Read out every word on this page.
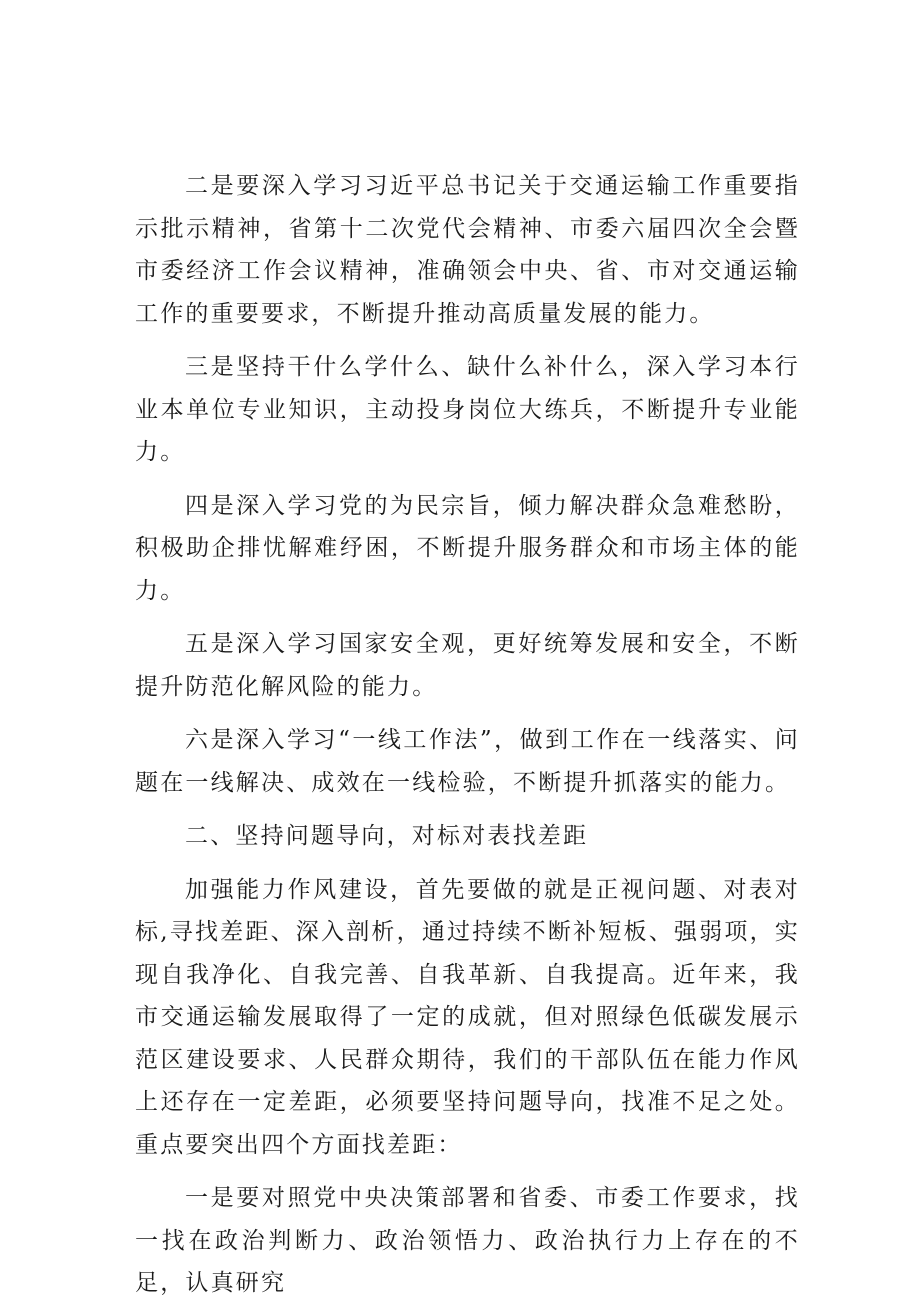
二是要深入学习习近平总书记关于交通运输工作重要指示批示精神，省第十二次党代会精神、市委六届四次全会暨市委经济工作会议精神，准确领会中央、省、市对交通运输工作的重要要求，不断提升推动高质量发展的能力。

三是坚持干什么学什么、缺什么补什么，深入学习本行业本单位专业知识，主动投身岗位大练兵，不断提升专业能力。

四是深入学习党的为民宗旨，倾力解决群众急难愁盼，积极助企排忧解难纾困，不断提升服务群众和市场主体的能力。

五是深入学习国家安全观，更好统筹发展和安全，不断提升防范化解风险的能力。

六是深入学习“一线工作法”，做到工作在一线落实、问题在一线解决、成效在一线检验，不断提升抓落实的能力。

二、坚持问题导向，对标对表找差距

加强能力作风建设，首先要做的就是正视问题、对表对标,寻找差距、深入剖析，通过持续不断补短板、强弱项，实现自我净化、自我完善、自我革新、自我提高。近年来，我市交通运输发展取得了一定的成就，但对照绿色低碳发展示范区建设要求、人民群众期待，我们的干部队伍在能力作风上还存在一定差距，必须要坚持问题导向，找准不足之处。重点要突出四个方面找差距：

一是要对照党中央决策部署和省委、市委工作要求，找一找在政治判断力、政治领悟力、政治执行力上存在的不足，认真研究
